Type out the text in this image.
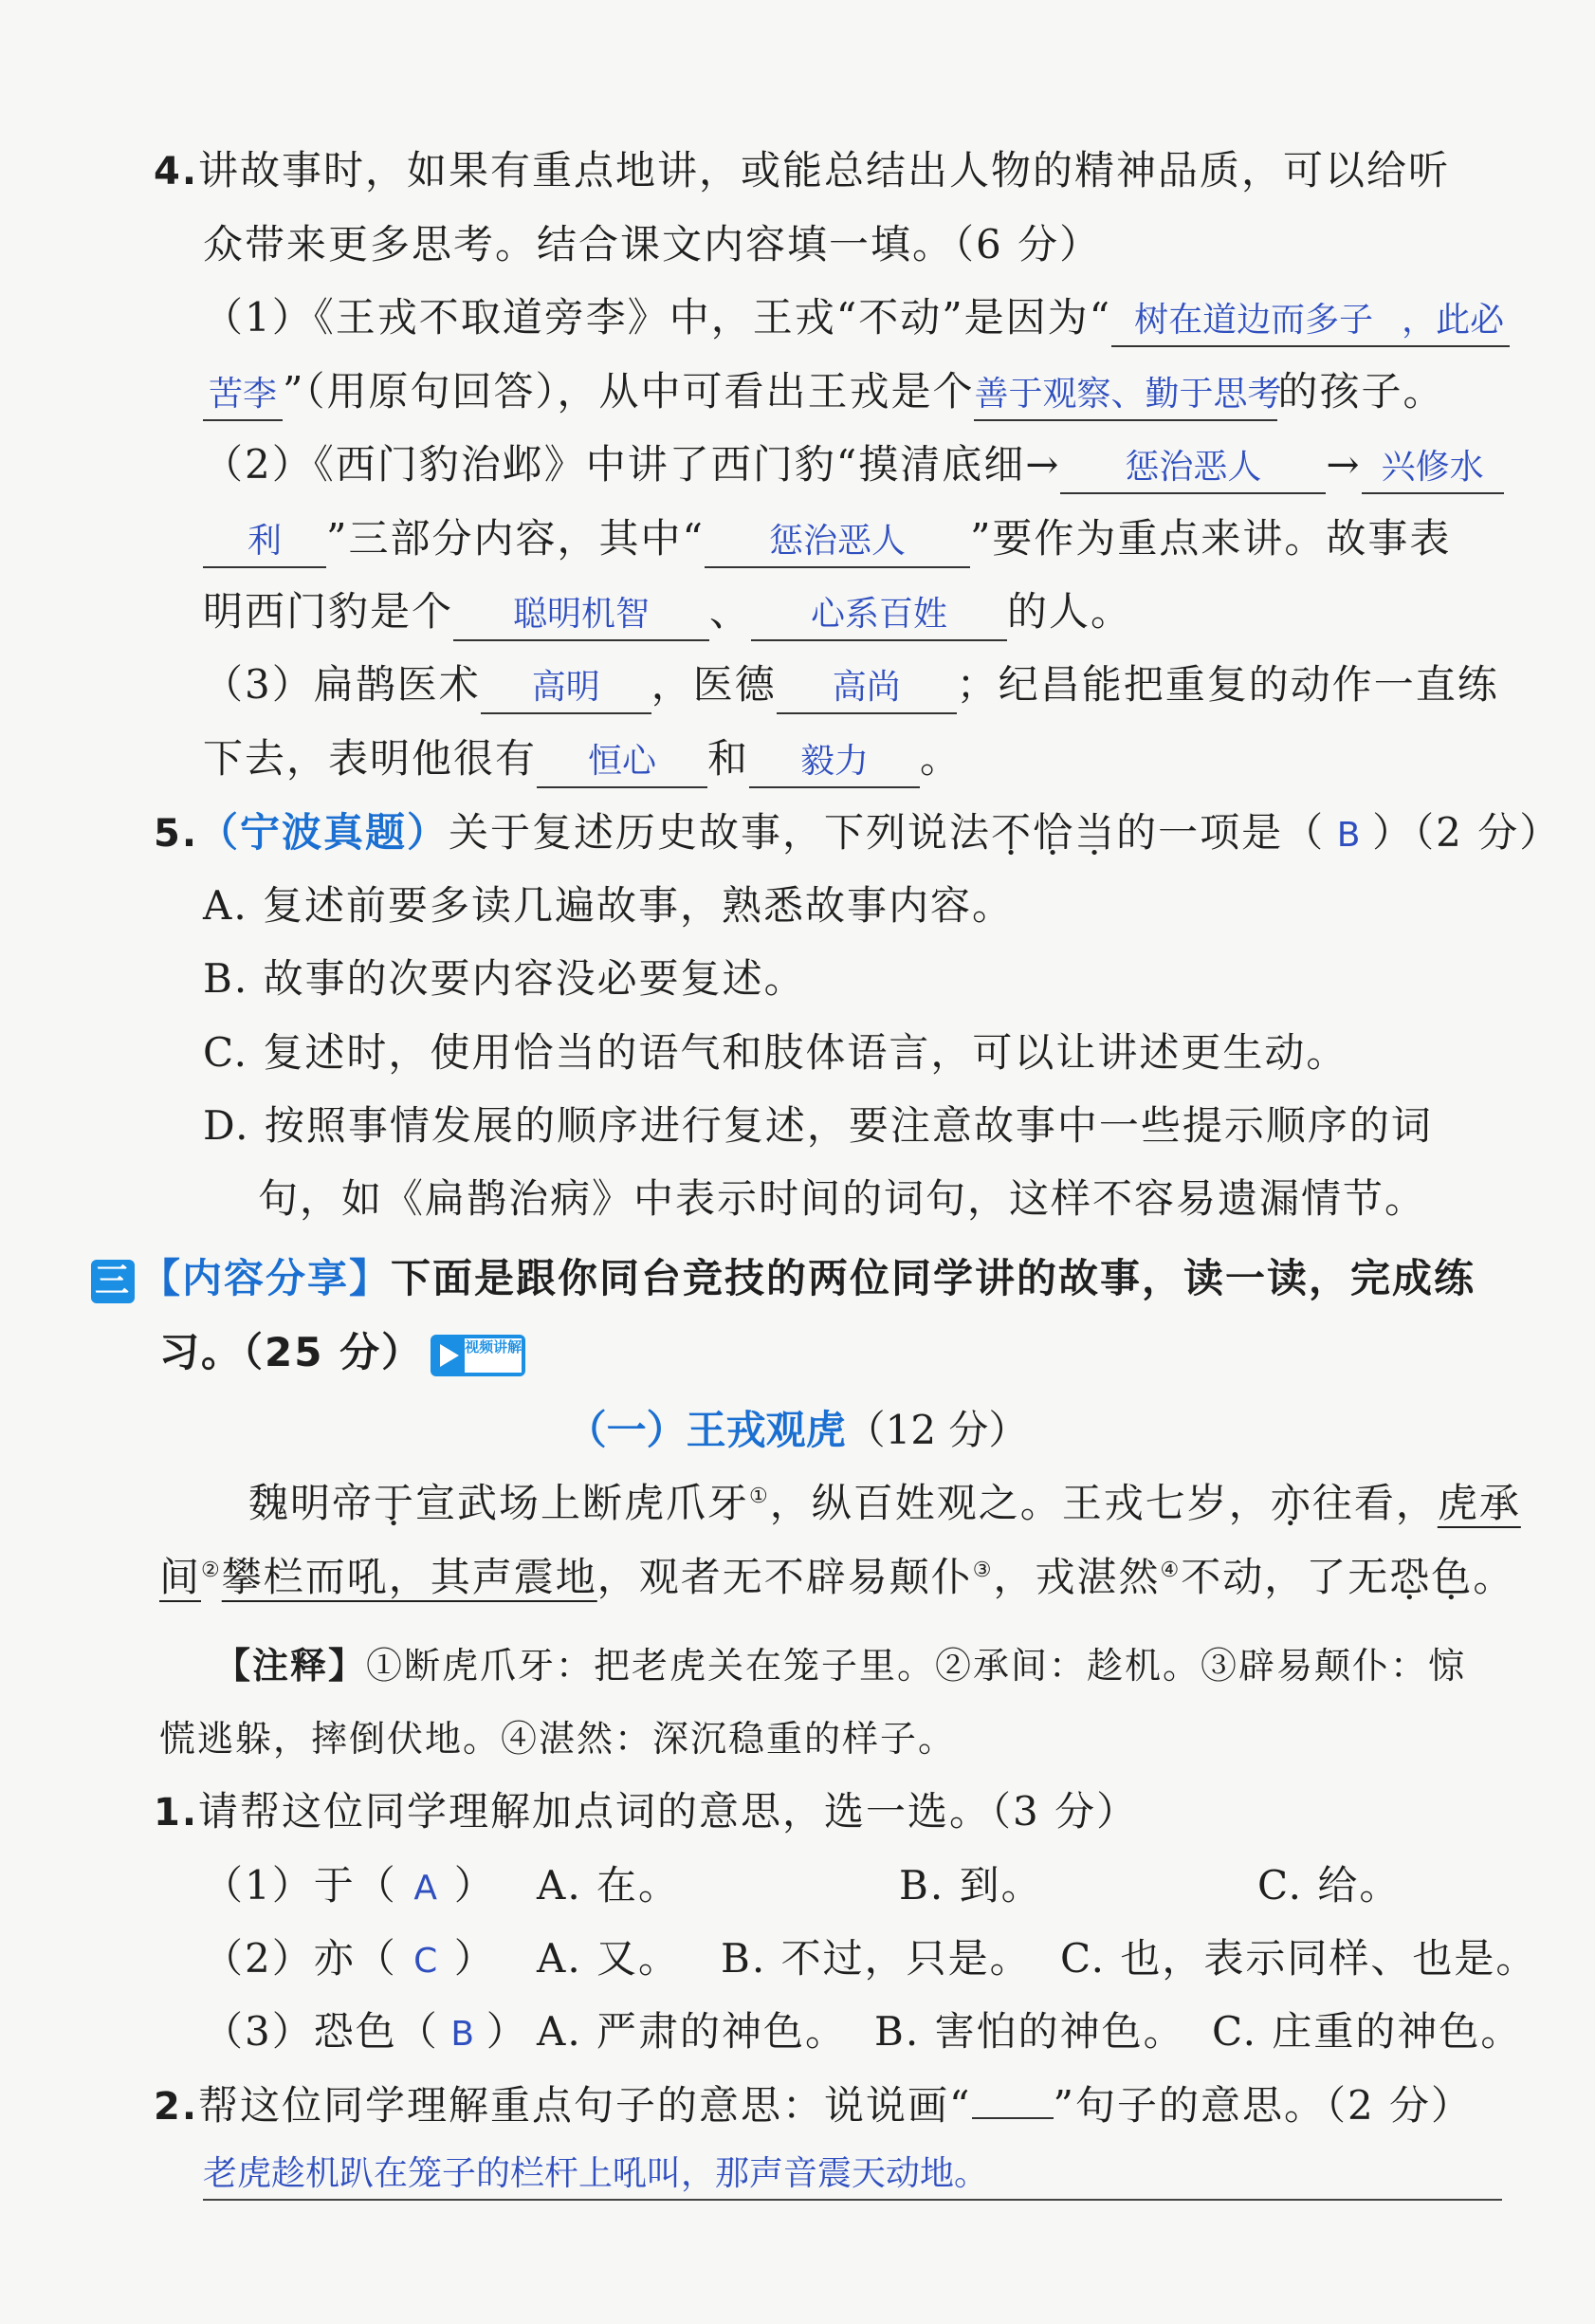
4.讲故事时，如果有重点地讲，或能总结出人物的精神品质，可以给听
众带来更多思考。结合课文内容填一填。（6 分）
（1）《王戎不取道旁李》中，王戎“不动”是因为“ 树在道边而多子 ，此必
苦李 ”（用原句回答），从中可看出王戎是个善于观察、勤于思考的孩子。
（2）《西门豹治邺》中讲了西门豹“摸清底细→ 惩治恶人 → 兴修水
利 ”三部分内容，其中“ 惩治恶人 ”要作为重点来讲。故事表
明西门豹是个 聪明机智 、 心系百姓 的人。
（3）扁鹊医术 高明 ，医德 高尚 ；纪昌能把重复的动作一直练
下去，表明他很有 恒心 和 毅力 。
5.（宁波真题）关于复述历史故事，下列说法不恰当的一项是（ B ）（2 分）
A. 复述前要多读几遍故事，熟悉故事内容。
B. 故事的次要内容没必要复述。
C. 复述时，使用恰当的语气和肢体语言，可以让讲述更生动。
D. 按照事情发展的顺序进行复述，要注意故事中一些提示顺序的词
句，如《扁鹊治病》中表示时间的词句，这样不容易遗漏情节。
三 【内容分享】下面是跟你同台竞技的两位同学讲的故事，读一读，完成练
习。（25 分）	视频讲解
（一）王戎观虎（12 分）
魏明帝于宣武场上断虎爪牙①，纵百姓观之。王戎七岁，亦往看，虎承
间②攀栏而吼，其声震地，观者无不辟易颠仆③，戎湛然④不动，了无恐色。
【注释】①断虎爪牙：把老虎关在笼子里。②承间：趁机。③辟易颠仆：惊
慌逃躲，摔倒伏地。④湛然：深沉稳重的样子。
1.请帮这位同学理解加点词的意思，选一选。（3 分）
（1）于（ A ） A. 在。	B. 到。	C. 给。
（2）亦（ C ） A. 又。 B. 不过，只是。 C. 也，表示同样、也是。
（3）恐色（ B ） A. 严肃的神色。 B. 害怕的神色。 C. 庄重的神色。
2.帮这位同学理解重点句子的意思：说说画“ ”句子的意思。（2 分）
老虎趁机趴在笼子的栏杆上吼叫，那声音震天动地。
